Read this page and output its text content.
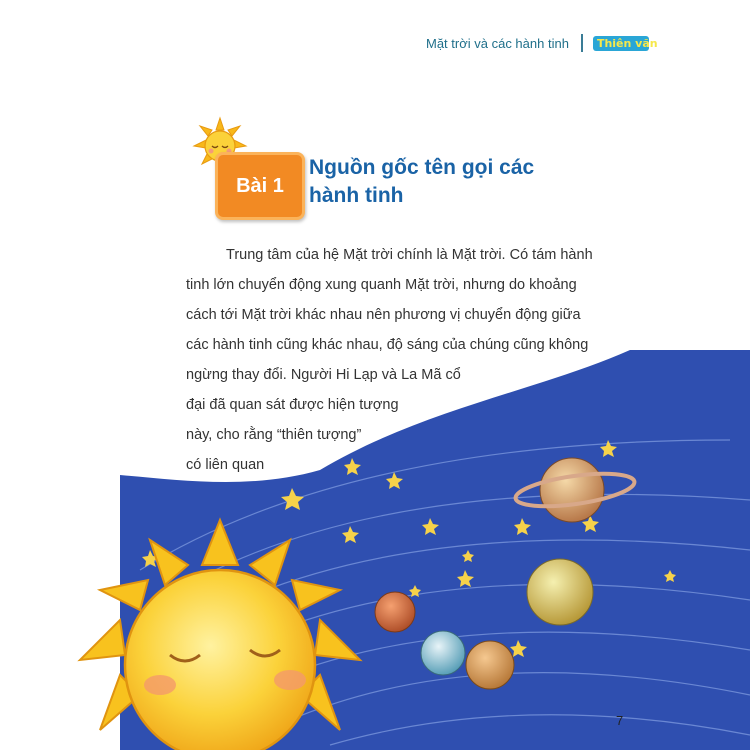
Mặt trời và các hành tinh	Thiên văn
Bài 1
Nguồn gốc tên gọi các
hành tinh

Trung tâm của hệ Mặt trời chính là Mặt trời. Có tám hành
tinh lớn chuyển động xung quanh Mặt trời, nhưng do khoảng
cách tới Mặt trời khác nhau nên phương vị chuyển động giữa
các hành tinh cũng khác nhau, độ sáng của chúng cũng không
ngừng thay đổi. Người Hi Lạp và La Mã cổ
đại đã quan sát được hiện tượng
này, cho rằng “thiên tượng”
có liên quan

7
